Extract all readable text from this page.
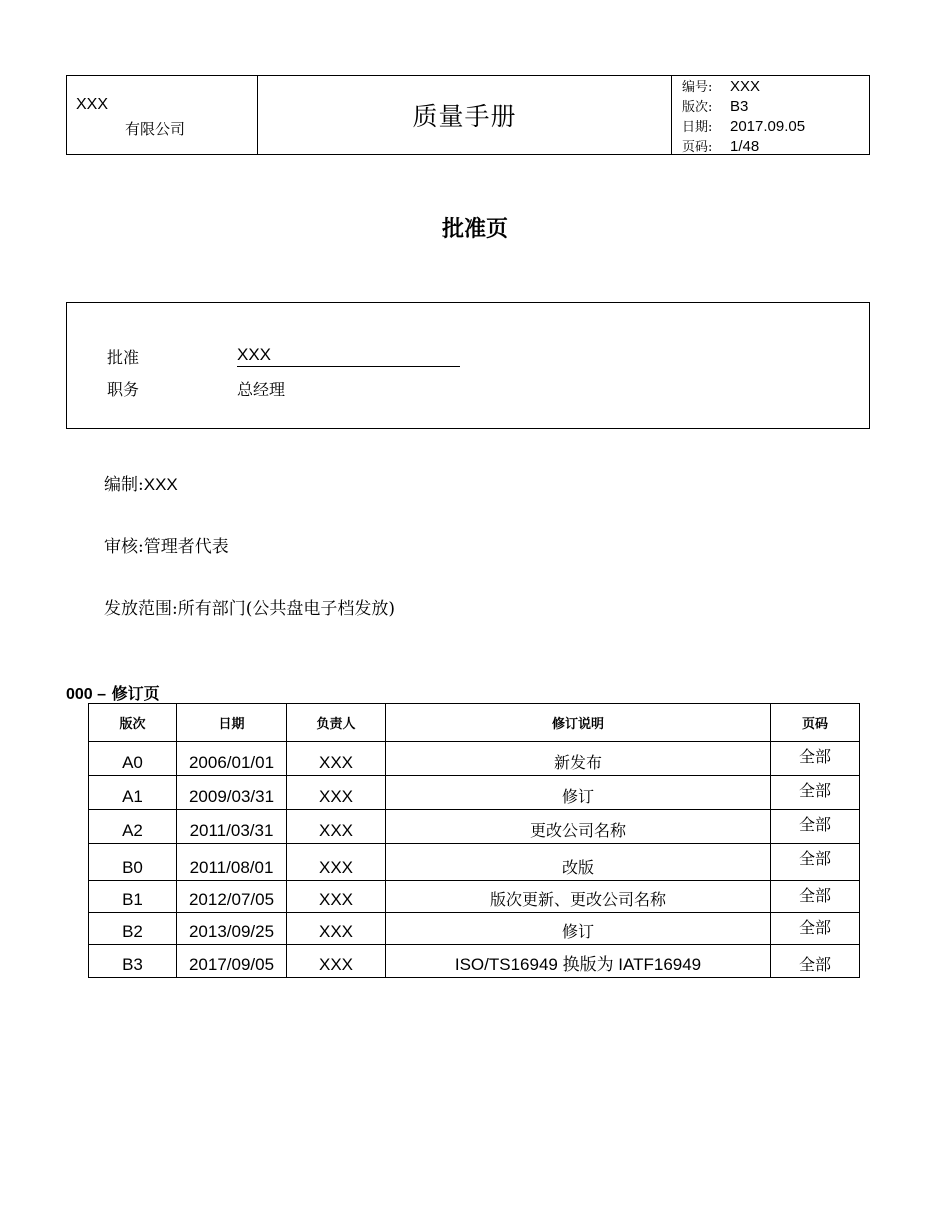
XXX
有限公司	质量手册
编号: XXX
版次: B3
日期: 2017.09.05
页码: 1/48
批准页
批准	XXX
职务	总经理
编制:XXX
审核:管理者代表
发放范围:所有部门(公共盘电子档发放)
000 – 修订页
版次	日期	负责人	修订说明	页码
A0	2006/01/01	XXX	新发布	全部
A1	2009/03/31	XXX	修订	全部
A2	2011/03/31	XXX	更改公司名称	全部
B0	2011/08/01	XXX	改版	全部
B1	2012/07/05	XXX	版次更新、更改公司名称	全部
B2	2013/09/25	XXX	修订	全部
B3	2017/09/05	XXX	ISO/TS16949 换版为 IATF16949	全部
